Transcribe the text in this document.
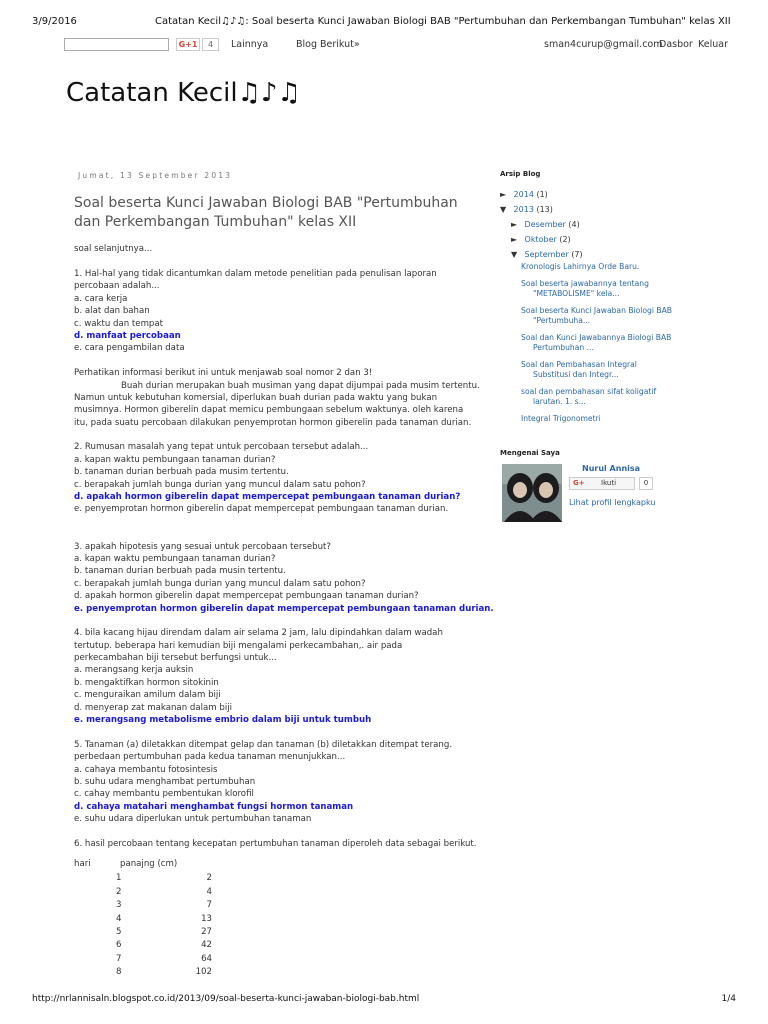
3/9/2016	Catatan Kecil♫♪♫: Soal beserta Kunci Jawaban Biologi BAB "Pertumbuhan dan Perkembangan Tumbuhan" kelas XII
G+1	4	Lainnya	Blog Berikut»	sman4curup@gmail.com
Dasbor Keluar
Catatan Kecil♫♪♫
Jumat, 13 September 2013
Soal beserta Kunci Jawaban Biologi BAB "Pertumbuhan
dan Perkembangan Tumbuhan" kelas XII
soal selanjutnya...
1. Hal-hal yang tidak dicantumkan dalam metode penelitian pada penulisan laporan
percobaan adalah...
a. cara kerja
b. alat dan bahan
c. waktu dan tempat
d. manfaat percobaan
e. cara pengambilan data
Perhatikan informasi berikut ini untuk menjawab soal nomor 2 dan 3!
Buah durian merupakan buah musiman yang dapat dijumpai pada musim tertentu.
Namun untuk kebutuhan komersial, diperlukan buah durian pada waktu yang bukan
musimnya. Hormon giberelin dapat memicu pembungaan sebelum waktunya. oleh karena
itu, pada suatu percobaan dilakukan penyemprotan hormon giberelin pada tanaman durian.
2. Rumusan masalah yang tepat untuk percobaan tersebut adalah...
a. kapan waktu pembungaan tanaman durian?
b. tanaman durian berbuah pada musim tertentu.
c. berapakah jumlah bunga durian yang muncul dalam satu pohon?
d. apakah hormon giberelin dapat mempercepat pembungaan tanaman durian?
e. penyemprotan hormon giberelin dapat mempercepat pembungaan tanaman durian.
3. apakah hipotesis yang sesuai untuk percobaan tersebut?
a. kapan waktu pembungaan tanaman durian?
b. tanaman durian berbuah pada musin tertentu.
c. berapakah jumlah bunga durian yang muncul dalam satu pohon?
d. apakah hormon giberelin dapat mempercepat pembungaan tanaman durian?
e. penyemprotan hormon giberelin dapat mempercepat pembungaan tanaman durian.
4. bila kacang hijau direndam dalam air selama 2 jam, lalu dipindahkan dalam wadah
tertutup. beberapa hari kemudian biji mengalami perkecambahan,. air pada
perkecambahan biji tersebut berfungsi untuk...
a. merangsang kerja auksin
b. mengaktifkan hormon sitokinin
c. menguraikan amilum dalam biji
d. menyerap zat makanan dalam biji
e. merangsang metabolisme embrio dalam biji untuk tumbuh
5. Tanaman (a) diletakkan ditempat gelap dan tanaman (b) diletakkan ditempat terang.
perbedaan pertumbuhan pada kedua tanaman menunjukkan...
a. cahaya membantu fotosintesis
b. suhu udara menghambat pertumbuhan
c. cahay membantu pembentukan klorofil
d. cahaya matahari menghambat fungsi hormon tanaman
e. suhu udara diperlukan untuk pertumbuhan tanaman
6. hasil percobaan tentang kecepatan pertumbuhan tanaman diperoleh data sebagai berikut.
hari	panajng (cm)
1	2
2	4
3	7
4	13
5	27
6	42
7	64
8	102
Arsip Blog
► 2014 (1)
▼ 2013 (13)
► Desember (4)
► Oktober (2)
▼ September (7)
Kronologis Lahirnya Orde Baru.
Soal beserta jawabannya tentang
"METABOLISME" kela...
Soal beserta Kunci Jawaban Biologi BAB
"Pertumbuha...
Soal dan Kunci Jawabannya Biologi BAB
Pertumbuhan ...
Soal dan Pembahasan Integral
Substitusi dan Integr...
soal dan pembahasan sifat koligatif
larutan. 1. s...
Integral Trigonometri
Mengenai Saya
Nurul Annisa
G+ Ikuti	0
Lihat profil lengkapku
http://nrlannisaln.blogspot.co.id/2013/09/soal-beserta-kunci-jawaban-biologi-bab.html	1/4
